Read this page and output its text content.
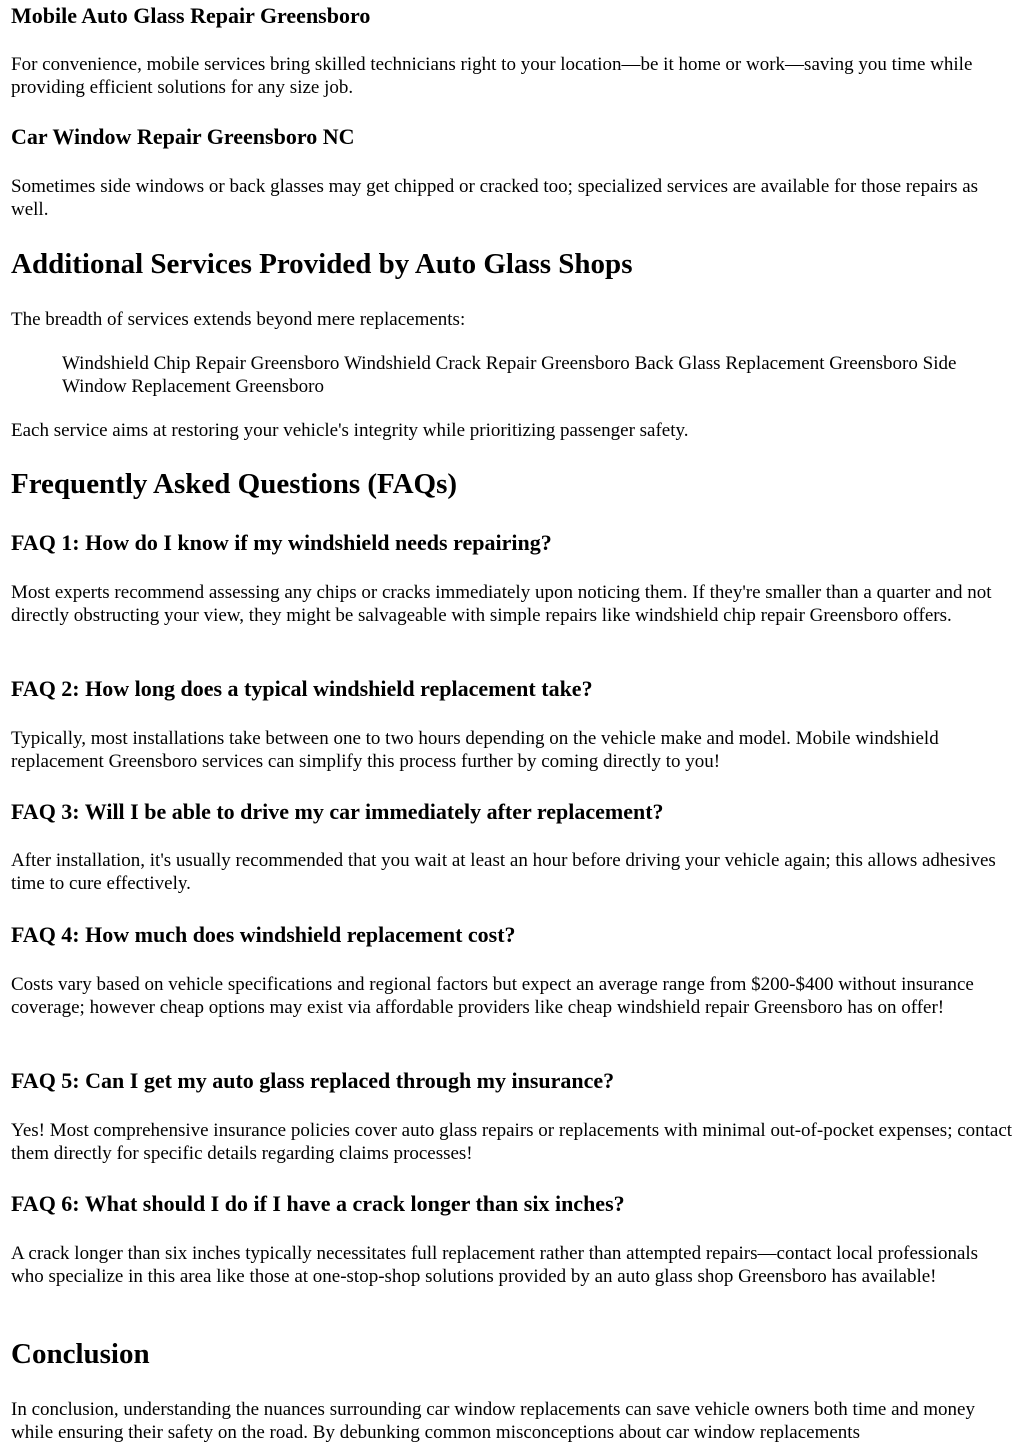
Mobile Auto Glass Repair Greensboro

For convenience, mobile services bring skilled technicians right to your location—be it home or work—saving you time while providing efficient solutions for any size job.

Car Window Repair Greensboro NC

Sometimes side windows or back glasses may get chipped or cracked too; specialized services are available for those repairs as well.

Additional Services Provided by Auto Glass Shops

The breadth of services extends beyond mere replacements:

Windshield Chip Repair Greensboro Windshield Crack Repair Greensboro Back Glass Replacement Greensboro Side Window Replacement Greensboro

Each service aims at restoring your vehicle's integrity while prioritizing passenger safety.

Frequently Asked Questions (FAQs)
FAQ 1: How do I know if my windshield needs repairing?

Most experts recommend assessing any chips or cracks immediately upon noticing them. If they're smaller than a quarter and not directly obstructing your view, they might be salvageable with simple repairs like windshield chip repair Greensboro offers.

FAQ 2: How long does a typical windshield replacement take?

Typically, most installations take between one to two hours depending on the vehicle make and model. Mobile windshield replacement Greensboro services can simplify this process further by coming directly to you!

FAQ 3: Will I be able to drive my car immediately after replacement?

After installation, it's usually recommended that you wait at least an hour before driving your vehicle again; this allows adhesives time to cure effectively.

FAQ 4: How much does windshield replacement cost?

Costs vary based on vehicle specifications and regional factors but expect an average range from $200-$400 without insurance coverage; however cheap options may exist via affordable providers like cheap windshield repair Greensboro has on offer!

FAQ 5: Can I get my auto glass replaced through my insurance?

Yes! Most comprehensive insurance policies cover auto glass repairs or replacements with minimal out-of-pocket expenses; contact them directly for specific details regarding claims processes!

FAQ 6: What should I do if I have a crack longer than six inches?

A crack longer than six inches typically necessitates full replacement rather than attempted repairs—contact local professionals who specialize in this area like those at one-stop-shop solutions provided by an auto glass shop Greensboro has available!

Conclusion

In conclusion, understanding the nuances surrounding car window replacements can save vehicle owners both time and money while ensuring their safety on the road. By debunking common misconceptions about car window replacements
